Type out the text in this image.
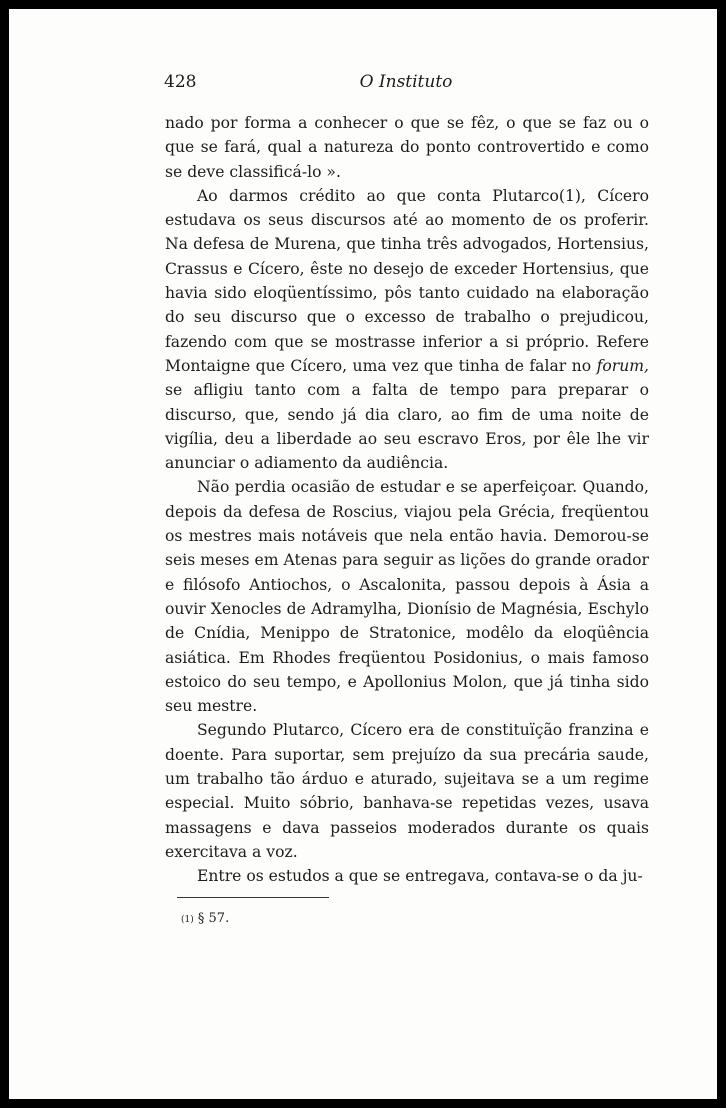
428	O Instituto

nado por forma a conhecer o que se fêz, o que se faz ou o que se fará, qual a natureza do ponto controvertido e como se deve classificá-lo ».

Ao darmos crédito ao que conta Plutarco(1), Cícero estudava os seus discursos até ao momento de os proferir. Na defesa de Murena, que tinha três advogados, Hortensius, Crassus e Cícero, êste no desejo de exceder Hortensius, que havia sido eloqüentíssimo, pôs tanto cuidado na elaboração do seu discurso que o excesso de trabalho o prejudicou, fazendo com que se mostrasse inferior a si próprio. Refere Montaigne que Cícero, uma vez que tinha de falar no forum, se afligiu tanto com a falta de tempo para preparar o discurso, que, sendo já dia claro, ao fim de uma noite de vigília, deu a liberdade ao seu escravo Eros, por êle lhe vir anunciar o adiamento da audiência.

Não perdia ocasião de estudar e se aperfeiçoar. Quando, depois da defesa de Roscius, viajou pela Grécia, freqüentou os mestres mais notáveis que nela então havia. Demorou-se seis meses em Atenas para seguir as lições do grande orador e filósofo Antiochos, o Ascalonita, passou depois à Ásia a ouvir Xenocles de Adramylha, Dionísio de Magnésia, Eschylo de Cnídia, Menippo de Stratonice, modêlo da eloqüência asiática. Em Rhodes freqüentou Posidonius, o mais famoso estoico do seu tempo, e Apollonius Molon, que já tinha sido seu mestre.

Segundo Plutarco, Cícero era de constituïção franzina e doente. Para suportar, sem prejuízo da sua precária saude, um trabalho tão árduo e aturado, sujeitava se a um regime especial. Muito sóbrio, banhava-se repetidas vezes, usava massagens e dava passeios moderados durante os quais exercitava a voz.

Entre os estudos a que se entregava, contava-se o da ju-

(1) § 57.
